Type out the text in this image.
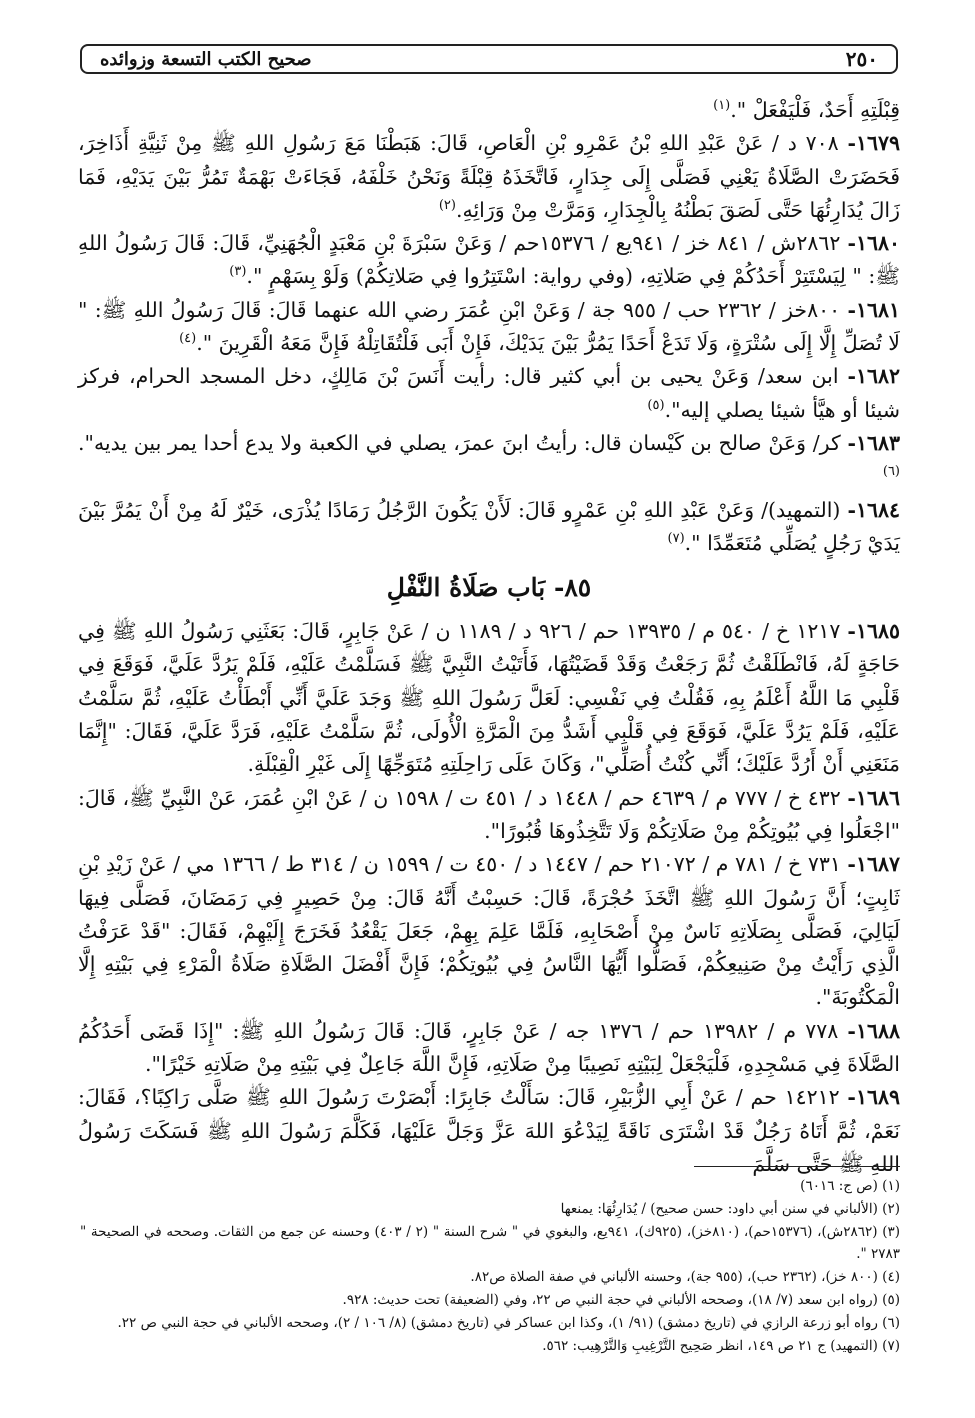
٢٥٠
صحيح الكتب التسعة وزوائده

قِبْلَتِهِ أَحَدٌ، فَلْيَفْعَلْ ".$^{(١)}$

١٦٧٩- ٧٠٨ د / عَنْ عَبْدِ اللهِ بْنُ عَمْرِو بْنِ الْعَاصِ، قَالَ: هَبَطْنَا مَعَ رَسُولِ اللهِ ﷺ مِنْ ثَنِيَّةِ أَذَاخِرَ، فَحَضَرَتْ الصَّلَاةُ يَعْنِي فَصَلَّى إِلَى جِدَارٍ، فَاتَّخَذَهُ قِبْلَةً وَنَحْنُ خَلْفَهُ، فَجَاءَتْ بَهْمَةٌ تَمُرُّ بَيْنَ يَدَيْهِ، فَمَا زَالَ يُدَارِئُهَا حَتَّى لَصَقَ بَطْنُهُ بِالْجِدَارِ، وَمَرَّتْ مِنْ وَرَائِهِ.$^{(٢)}$

١٦٨٠- ٢٨٦٢ش / ٨٤١ خز / ٩٤١يع / ١٥٣٧٦حم / وَعَنْ سَبْرَةَ بْنِ مَعْبَدٍ الْجُهَنِيِّ، قَالَ: قَالَ رَسُولُ اللهِ ﷺ: " لِيَسْتَتِرْ أَحَدُكُمْ فِي صَلاتِهِ، (وفي رواية: اسْتَتِرُوا فِي صَلاتِكُمْ) وَلَوْ بِسَهْمٍ ".$^{(٣)}$

١٦٨١- ٨٠٠خز / ٢٣٦٢ حب / ٩٥٥ جة / وَعَنْ ابْنِ عُمَرَ رضي الله عنهما قَالَ: قَالَ رَسُولُ اللهِ ﷺ: " لَا تُصَلِّ إِلَّا إِلَى سُتْرَةٍ، وَلَا تَدَعْ أَحَدًا يَمُرُّ بَيْنَ يَدَيْكَ، فَإِنْ أَبَى فَلْتُقَاتِلْهُ فَإِنَّ مَعَهُ الْقَرِينَ ".$^{(٤)}$

١٦٨٢- ابن سعد/ وَعَنْ يحيى بن أبي كثير قال: رأيت أَنَسَ بْنَ مَالِكٍ، دخل المسجد الحرام، فركز شيئا أو هيَّأ شيئا يصلي إليه".$^{(٥)}$

١٦٨٣- كر/ وَعَنْ صالح بن كَيْسان قال: رأيتُ ابنَ عمرَ، يصلي في الكعبة ولا يدع أحدا يمر بين يديه".$^{(٦)}$

١٦٨٤- (التمهيد)/ وَعَنْ عَبْدِ اللهِ بْنِ عَمْرٍو قَالَ: لَأَنْ يَكُونَ الرَّجُلُ رَمَادًا يُذْرَى، خَيْرٌ لَهُ مِنْ أَنْ يَمُرَّ بَيْنَ يَدَيْ رَجُلٍ يُصَلِّي مُتَعَمِّدًا ".$^{(٧)}$

٨٥- بَاب صَلَاةُ النَّفْلِ

١٦٨٥- ١٢١٧ خ / ٥٤٠ م / ١٣٩٣٥ حم / ٩٢٦ د / ١١٨٩ ن / عَنْ جَابِرٍ، قَالَ: بَعَثَنِي رَسُولُ اللهِ ﷺ فِي حَاجَةٍ لَهُ، فَانْطَلَقْتُ ثُمَّ رَجَعْتُ وَقَدْ قَضَيْتُهَا، فَأَتَيْتُ النَّبِيَّ ﷺ فَسَلَّمْتُ عَلَيْهِ، فَلَمْ يَرُدَّ عَلَيَّ، فَوَقَعَ فِي قَلْبِي مَا اللَّهُ أَعْلَمُ بِهِ، فَقُلْتُ فِي نَفْسِي: لَعَلَّ رَسُولَ اللهِ ﷺ وَجَدَ عَلَيَّ أَنِّي أَبْطَأْتُ عَلَيْهِ، ثُمَّ سَلَّمْتُ عَلَيْهِ، فَلَمْ يَرُدَّ عَلَيَّ، فَوَقَعَ فِي قَلْبِي أَشَدُّ مِنَ الْمَرَّةِ الْأُولَى، ثُمَّ سَلَّمْتُ عَلَيْهِ، فَرَدَّ عَلَيَّ، فَقَالَ: "إِنَّمَا مَنَعَنِي أَنْ أَرُدَّ عَلَيْكَ؛ أَنِّي كُنْتُ أُصَلِّي"، وَكَانَ عَلَى رَاحِلَتِهِ مُتَوَجِّهًا إِلَى غَيْرِ الْقِبْلَةِ.

١٦٨٦- ٤٣٢ خ / ٧٧٧ م / ٤٦٣٩ حم / ١٤٤٨ د / ٤٥١ ت / ١٥٩٨ ن / عَنْ ابْنِ عُمَرَ، عَنْ النَّبِيِّ ﷺ، قَالَ: "اجْعَلُوا فِي بُيُوتِكُمْ مِنْ صَلَاتِكُمْ وَلَا تَتَّخِذُوهَا قُبُورًا".

١٦٨٧- ٧٣١ خ / ٧٨١ م / ٢١٠٧٢ حم / ١٤٤٧ د / ٤٥٠ ت / ١٥٩٩ ن / ٣١٤ ط / ١٣٦٦ مي / عَنْ زَيْدِ بْنِ ثَابِتٍ؛ أَنَّ رَسُولَ اللهِ ﷺ اتَّخَذَ حُجْرَةً، قَالَ: حَسِبْتُ أَنَّهُ قَالَ: مِنْ حَصِيرٍ فِي رَمَضَانَ، فَصَلَّى فِيهَا لَيَالِيَ، فَصَلَّى بِصَلَاتِهِ نَاسٌ مِنْ أَصْحَابِهِ، فَلَمَّا عَلِمَ بِهِمْ، جَعَلَ يَقْعُدُ فَخَرَجَ إِلَيْهِمْ، فَقَالَ: "قَدْ عَرَفْتُ الَّذِي رَأَيْتُ مِنْ صَنِيعِكُمْ، فَصَلُّوا أَيُّهَا النَّاسُ فِي بُيُوتِكُمْ؛ فَإِنَّ أَفْضَلَ الصَّلَاةِ صَلَاةُ الْمَرْءِ فِي بَيْتِهِ إِلَّا الْمَكْتُوبَةَ".

١٦٨٨- ٧٧٨ م / ١٣٩٨٢ حم / ١٣٧٦ جه / عَنْ جَابِرٍ، قَالَ: قَالَ رَسُولُ اللهِ ﷺ: "إِذَا قَضَى أَحَدُكُمُ الصَّلَاةَ فِي مَسْجِدِهِ، فَلْيَجْعَلْ لِبَيْتِهِ نَصِيبًا مِنْ صَلَاتِهِ، فَإِنَّ اللَّهَ جَاعِلٌ فِي بَيْتِهِ مِنْ صَلَاتِهِ خَيْرًا".

١٦٨٩- ١٤٢١٢ حم / عَنْ أَبِي الزُّبَيْرِ، قَالَ: سَأَلْتُ جَابِرًا: أَبْصَرْتَ رَسُولَ اللهِ ﷺ صَلَّى رَاكِبًا؟، فَقَالَ: نَعَمْ، ثُمَّ أَتَاهُ رَجُلٌ قَدْ اشْتَرَى نَاقَةً لِيَدْعُوَ اللهَ عَزَّ وَجَلَّ عَلَيْهَا، فَكَلَّمَ رَسُولَ اللهِ ﷺ فَسَكَتَ رَسُولُ اللهِ ﷺ حَتَّى سَلَّمَ

(١) (ص ج: ٦٠١٦)

(٢) (الألباني في سنن أبي داود: حسن صحيح) / يُدَارِئُهَا: يمنعها

(٣) (٢٨٦٢ش)، (١٥٣٧٦حم)، (٨١٠خز)، (٩٢٥ك)، ٩٤١يع، والبغوي في " شرح السنة " (٢ / ٤٠٣) وحسنه عن جمع من الثقات. وصححه في الصحيحة " ٢٧٨٣ ".

(٤) (٨٠٠ خز)، (٢٣٦٢ حب)، (٩٥٥ جة)، وحسنه الألباني في صفة الصلاة ص٨٢.

(٥) (رواه ابن سعد (٧/ ١٨)، وصححه الألباني في حجة النبي ص ٢٢، وفي (الضعيفة) تحت حديث: ٩٢٨.

(٦) رواه أبو زرعة الرازي في (تاريخ دمشق) (٩١/ ١)، وكذا ابن عساكر في (تاريخ دمشق) (٨/ ١٠٦ / ٢)، وصححه الألباني في حجة النبي ص ٢٢.

(٧) (التمهيد) ج ٢١ ص ١٤٩، انظر صَحِيح التَّرْغِيبِ وَالتَّرْهِيب: ٥٦٢.
